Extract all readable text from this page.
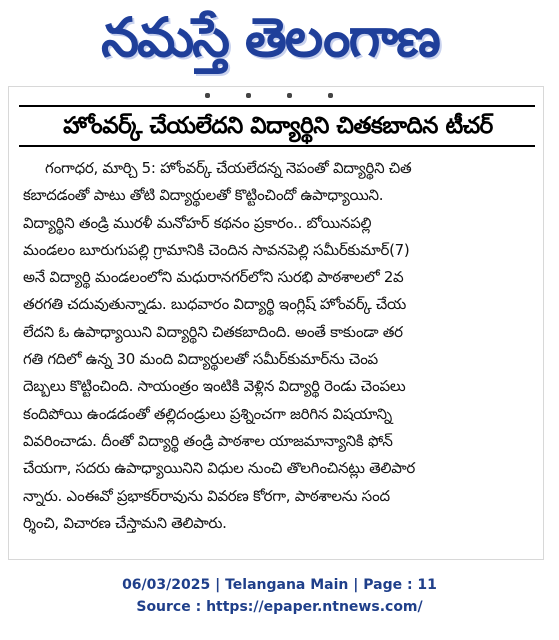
నమస్తే తెలంగాణ
హోంవర్క్ చేయలేదని విద్యార్థిని చితకబాదిన టీచర్
గంగాధర, మార్చి 5: హోంవర్క్ చేయలేదన్న నెపంతో విద్యార్థిని చిత
కబాదడంతో పాటు తోటి విద్యార్థులతో కొట్టించిందో ఉపాధ్యాయిని.
విద్యార్థిని తండ్రి మురళీ మనోహర్ కథనం ప్రకారం.. బోయినపల్లి
మండలం బూరుగుపల్లి గ్రామానికి చెందిన సావనపెల్లి సమీర్‌కుమార్(7)
అనే విద్యార్థి మండలంలోని మధురానగర్‌లోని సురభి పాఠశాలలో 2వ
తరగతి చదువుతున్నాడు. బుధవారం విద్యార్థి ఇంగ్లిష్ హోంవర్క్ చేయ
లేదని ఓ ఉపాధ్యాయిని విద్యార్థిని చితకబాదింది. అంతే కాకుండా తర
గతి గదిలో ఉన్న 30 మంది విద్యార్థులతో సమీర్‌కుమార్‌ను చెంప
దెబ్బలు కొట్టించింది. సాయంత్రం ఇంటికి వెళ్లిన విద్యార్థి రెండు చెంపలు
కందిపోయి ఉండడంతో తల్లిదండ్రులు ప్రశ్నించగా జరిగిన విషయాన్ని
వివరించాడు. దీంతో విద్యార్థి తండ్రి పాఠశాల యాజమాన్యానికి ఫోన్
చేయగా, సదరు ఉపాధ్యాయినిని విధుల నుంచి తొలగించినట్లు తెలిపార
న్నారు. ఎంఈవో ప్రభాకర్‌రావును వివరణ కోరగా, పాఠశాలను సంద
ర్శించి, విచారణ చేస్తామని తెలిపారు.
06/03/2025 | Telangana Main | Page : 11
Source : https://epaper.ntnews.com/
